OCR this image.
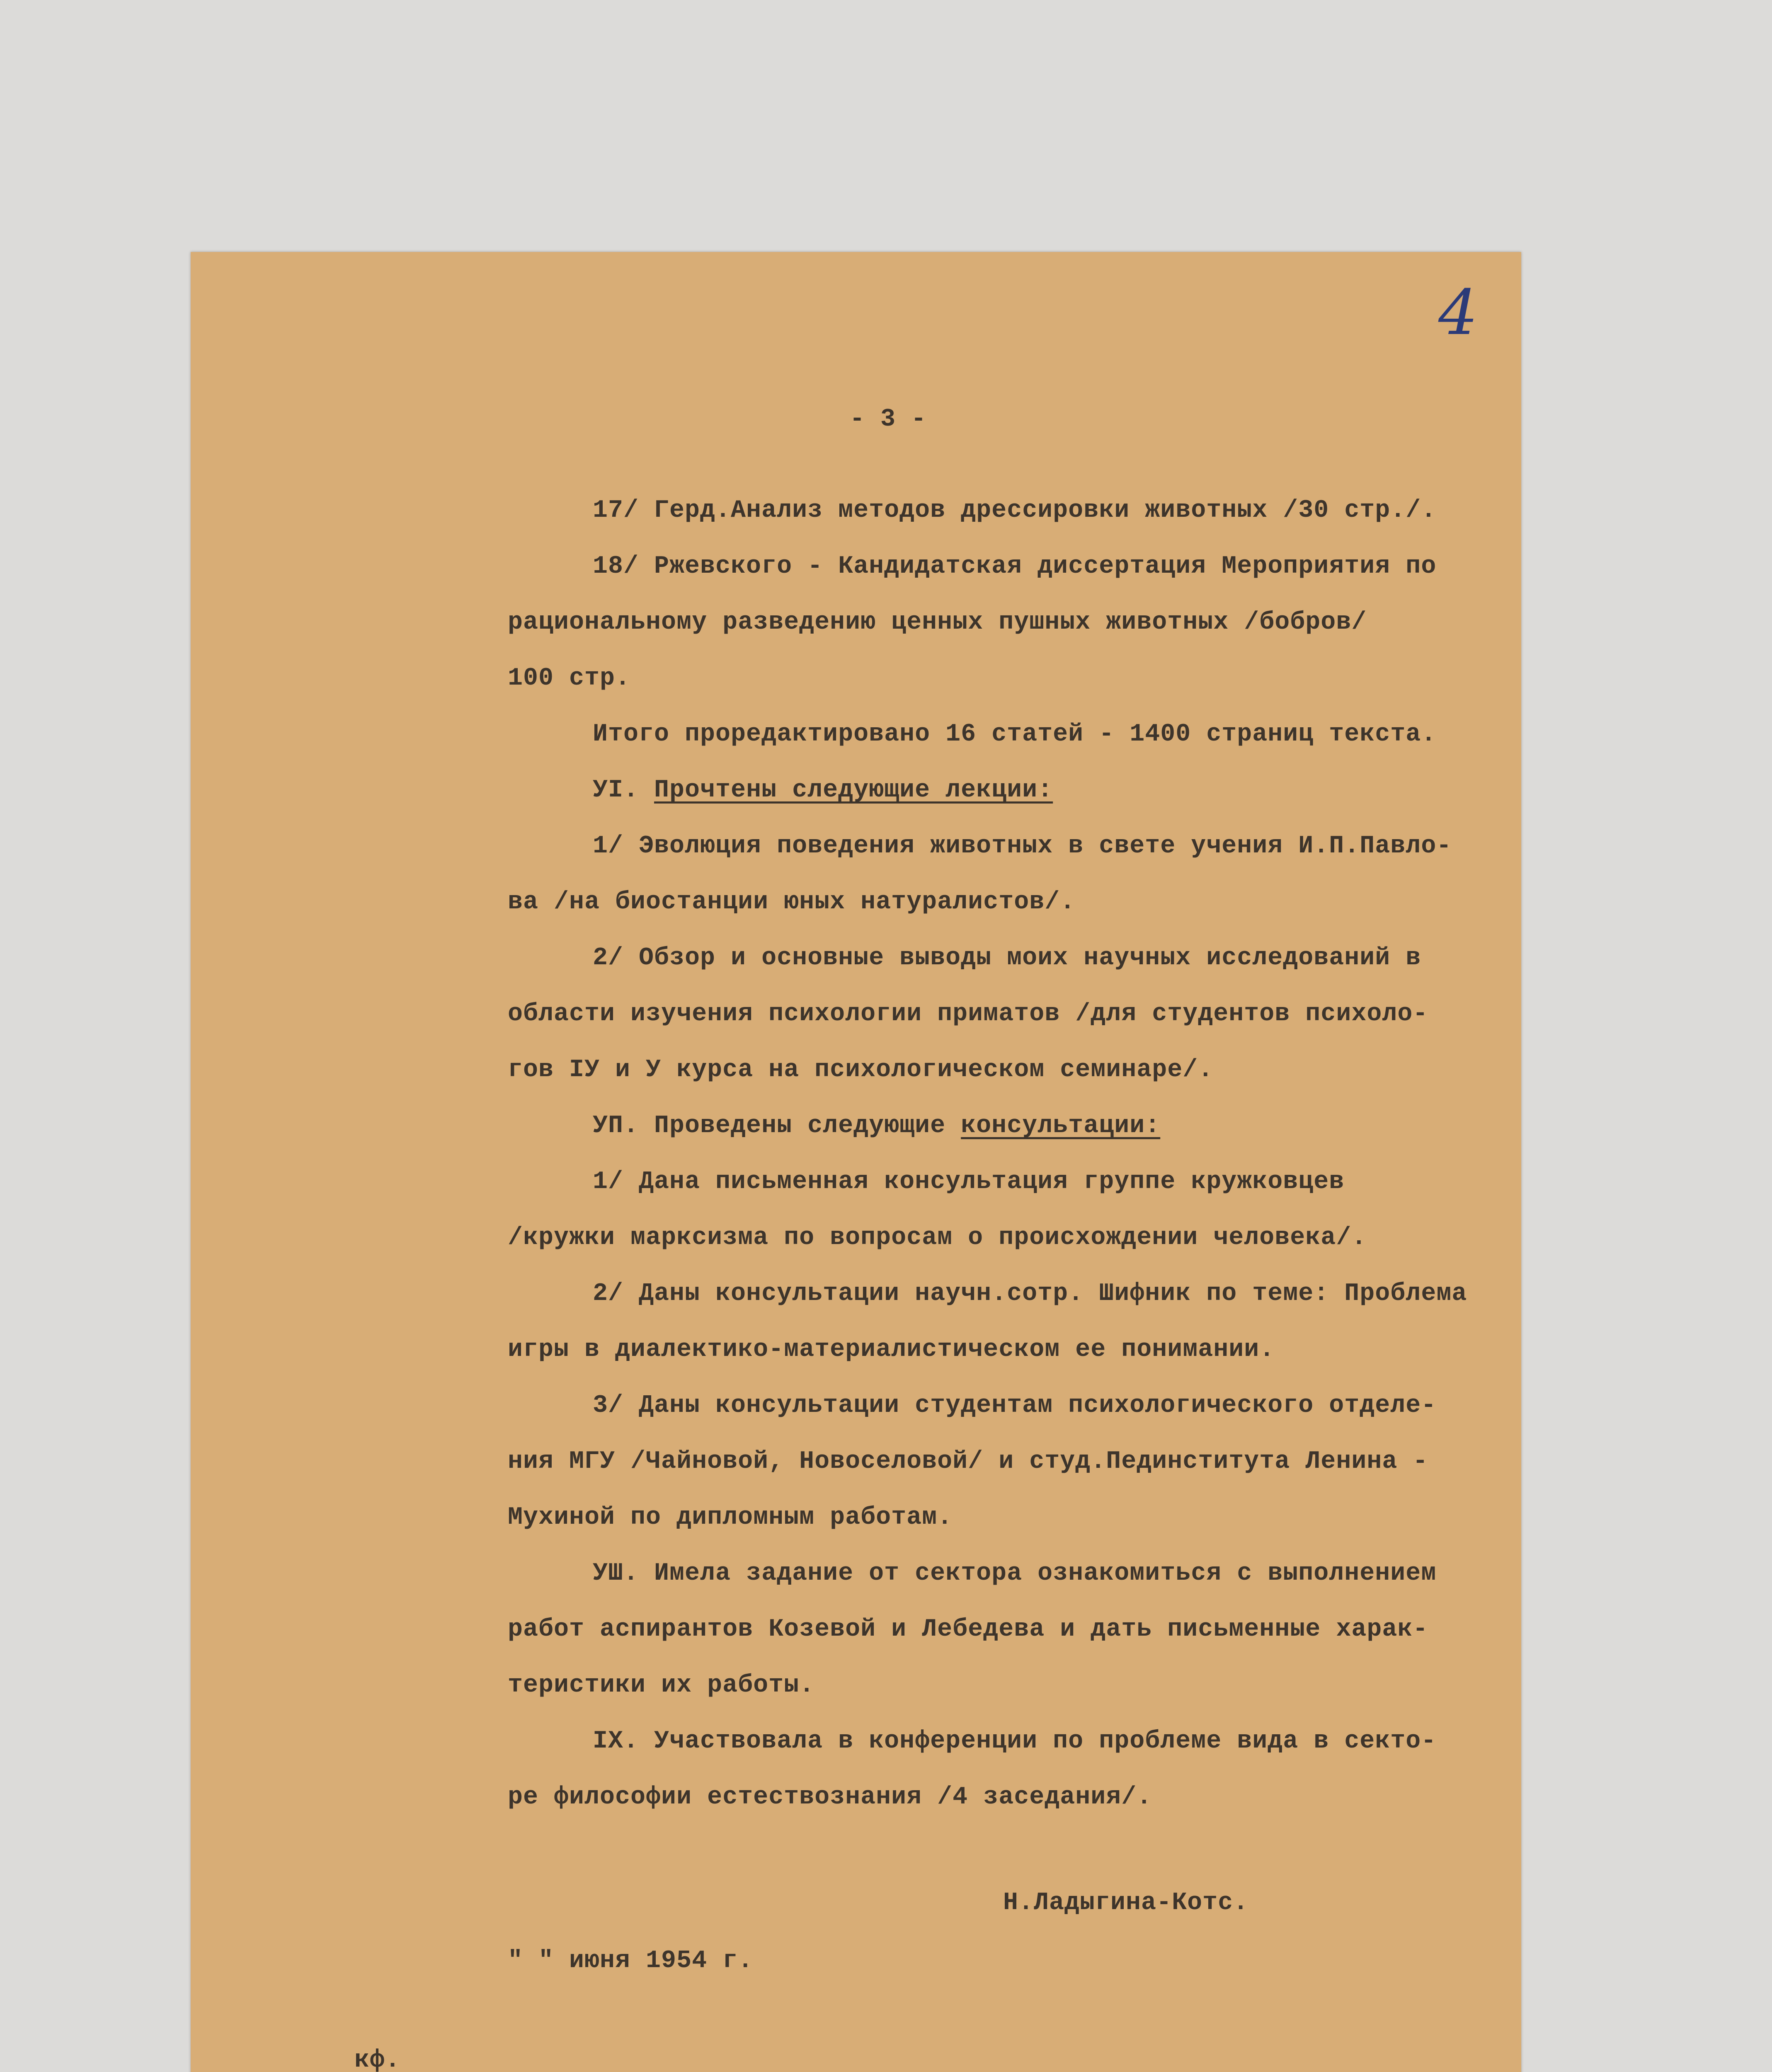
4
- 3 -
17/ Герд.Анализ методов дрессировки животных /30 стр./.
18/ Ржевского - Кандидатская диссертация Мероприятия по
рациональному разведению ценных пушных животных /бобров/
100 стр.
Итого проредактировано 16 статей - 1400 страниц текста.
УI. Прочтены следующие лекции:
1/ Эволюция поведения животных в свете учения И.П.Павло-
ва /на биостанции юных натуралистов/.
2/ Обзор и основные выводы моих научных исследований в
области изучения психологии приматов /для студентов психоло-
гов IУ и У курса на психологическом семинаре/.
УП. Проведены следующие консультации:
1/ Дана письменная консультация группе кружковцев
/кружки марксизма по вопросам о происхождении человека/.
2/ Даны консультации научн.сотр. Шифник по теме: Проблема
игры в диалектико-материалистическом ее понимании.
3/ Даны консультации студентам психологического отделе-
ния МГУ /Чайновой, Новоселовой/ и студ.Пединститута Ленина -
Мухиной по дипломным работам.
УШ. Имела задание от сектора ознакомиться с выполнением
работ аспирантов Козевой и Лебедева и дать письменные харак-
теристики их работы.
IX. Участвовала в конференции по проблеме вида в секто-
ре философии естествознания /4 заседания/.
Н.Ладыгина-Котс.
" " июня 1954 г.
кф.
